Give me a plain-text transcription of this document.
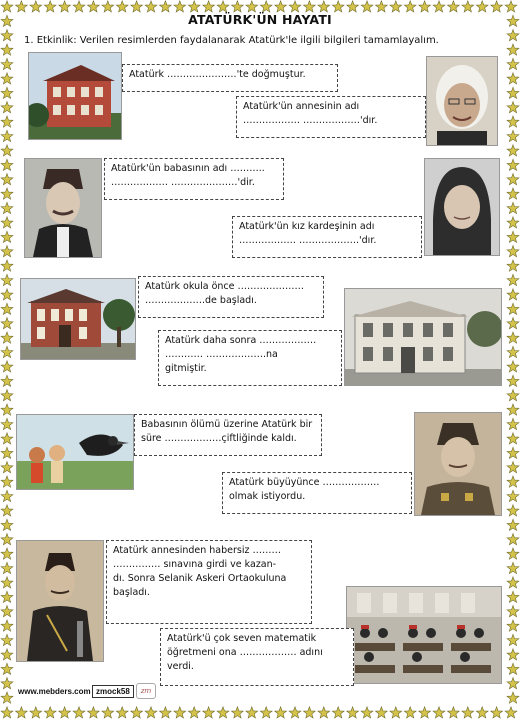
ATATÜRK'ÜN HAYATI
1. Etkinlik: Verilen resimlerden faydalanarak Atatürk'le ilgili bilgileri tamamlayalım.
Atatürk ………………….'te doğmuştur.
Atatürk'ün annesinin adı
……………… ………………'dır.
Atatürk'ün babasının adı ………..
……………… …………………'dir.
Atatürk'ün kız kardeşinin adı
……………… ……………….'dır.
Atatürk okula önce …………………
……………….de başladı.
Atatürk daha sonra ………………
………… ……………….na
gitmiştir.
Babasının ölümü üzerine Atatürk bir
süre ………………çiftliğinde kaldı.
Atatürk büyüyünce ………………
olmak istiyordu.
Atatürk annesinden habersiz ………
…………… sınavına girdi ve kazan-
dı. Sonra Selanik Askeri Ortaokuluna
başladı.
Atatürk'ü çok seven matematik
öğretmeni ona ……………… adını
verdi.
www.mebders.com zmock58	zm
